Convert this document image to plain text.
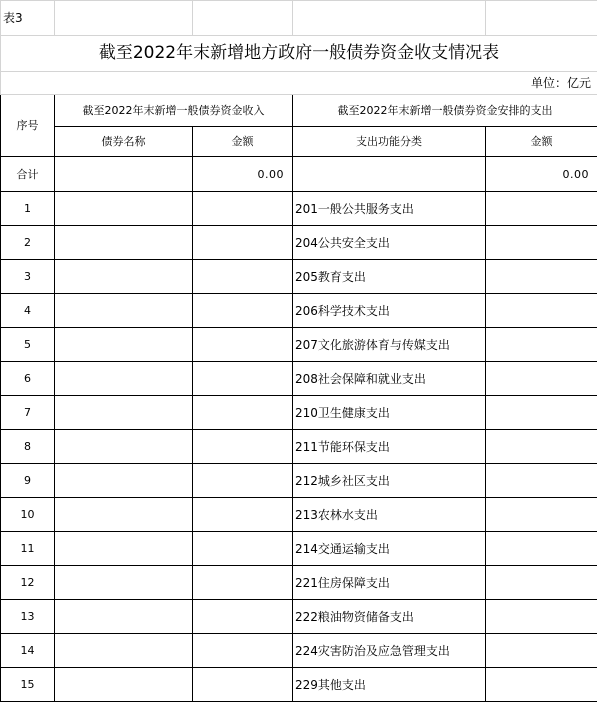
表3				
截至2022年末新增地方政府一般债券资金收支情况表				
单位：亿元				
序号	截至2022年末新增一般债券资金收入		截至2022年末新增一般债券资金安排的支出	
	债券名称	金额	支出功能分类	金额
合计		0.00		0.00
1			201一般公共服务支出	
2			204公共安全支出	
3			205教育支出	
4			206科学技术支出	
5			207文化旅游体育与传媒支出	
6			208社会保障和就业支出	
7			210卫生健康支出	
8			211节能环保支出	
9			212城乡社区支出	
10			213农林水支出	
11			214交通运输支出	
12			221住房保障支出	
13			222粮油物资储备支出	
14			224灾害防治及应急管理支出	
15			229其他支出	
